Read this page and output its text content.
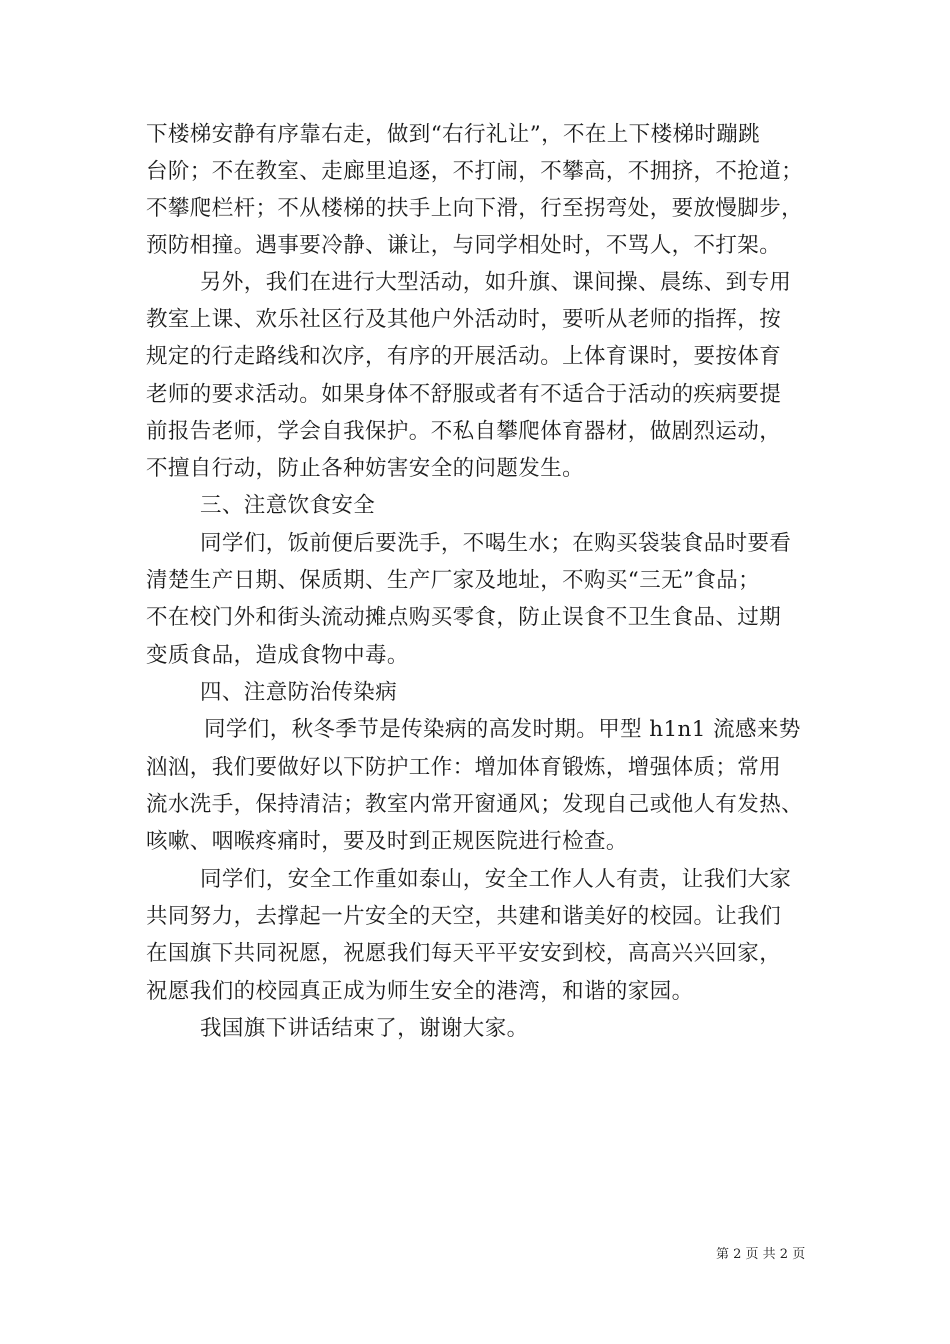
下楼梯安静有序靠右走，做到“右行礼让”，不在上下楼梯时蹦跳
台阶；不在教室、走廊里追逐，不打闹，不攀高，不拥挤，不抢道；
不攀爬栏杆；不从楼梯的扶手上向下滑，行至拐弯处，要放慢脚步，
预防相撞。遇事要冷静、谦让，与同学相处时，不骂人，不打架。
另外，我们在进行大型活动，如升旗、课间操、晨练、到专用
教室上课、欢乐社区行及其他户外活动时，要听从老师的指挥，按
规定的行走路线和次序，有序的开展活动。上体育课时，要按体育
老师的要求活动。如果身体不舒服或者有不适合于活动的疾病要提
前报告老师，学会自我保护。不私自攀爬体育器材，做剧烈运动，
不擅自行动，防止各种妨害安全的问题发生。
三、注意饮食安全
同学们，饭前便后要洗手，不喝生水；在购买袋装食品时要看
清楚生产日期、保质期、生产厂家及地址，不购买“三无”食品；
不在校门外和街头流动摊点购买零食，防止误食不卫生食品、过期
变质食品，造成食物中毒。
四、注意防治传染病
同学们，秋冬季节是传染病的高发时期。甲型 h1n1 流感来势
汹汹，我们要做好以下防护工作：增加体育锻炼，增强体质；常用
流水洗手，保持清洁；教室内常开窗通风；发现自己或他人有发热、
咳嗽、咽喉疼痛时，要及时到正规医院进行检查。
同学们，安全工作重如泰山，安全工作人人有责，让我们大家
共同努力，去撑起一片安全的天空，共建和谐美好的校园。让我们
在国旗下共同祝愿，祝愿我们每天平平安安到校，高高兴兴回家，
祝愿我们的校园真正成为师生安全的港湾，和谐的家园。
我国旗下讲话结束了，谢谢大家。
第 2 页 共 2 页
